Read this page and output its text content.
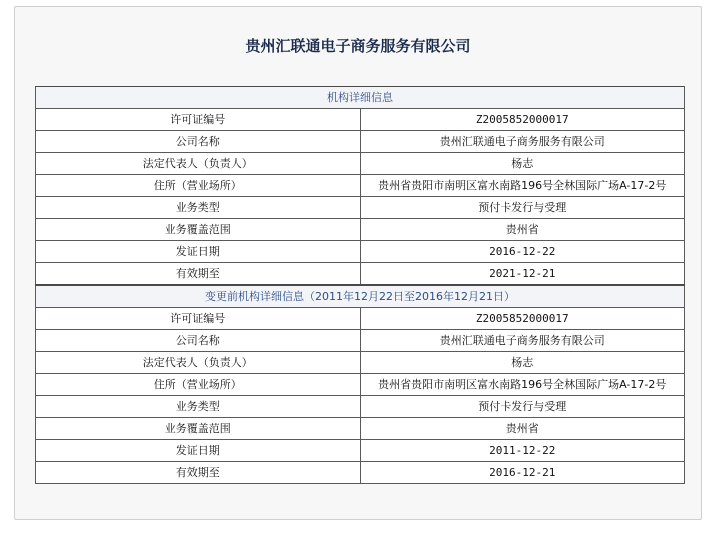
贵州汇联通电子商务服务有限公司
机构详细信息	
许可证编号	Z2005852000017
公司名称	贵州汇联通电子商务服务有限公司
法定代表人（负责人）	杨志
住所（营业场所）	贵州省贵阳市南明区富水南路196号全林国际广场A-17-2号
业务类型	预付卡发行与受理
业务覆盖范围	贵州省
发证日期	2016-12-22
有效期至	2021-12-21
变更前机构详细信息（2011年12月22日至2016年12月21日）	
许可证编号	Z2005852000017
公司名称	贵州汇联通电子商务服务有限公司
法定代表人（负责人）	杨志
住所（营业场所）	贵州省贵阳市南明区富水南路196号全林国际广场A-17-2号
业务类型	预付卡发行与受理
业务覆盖范围	贵州省
发证日期	2011-12-22
有效期至	2016-12-21
